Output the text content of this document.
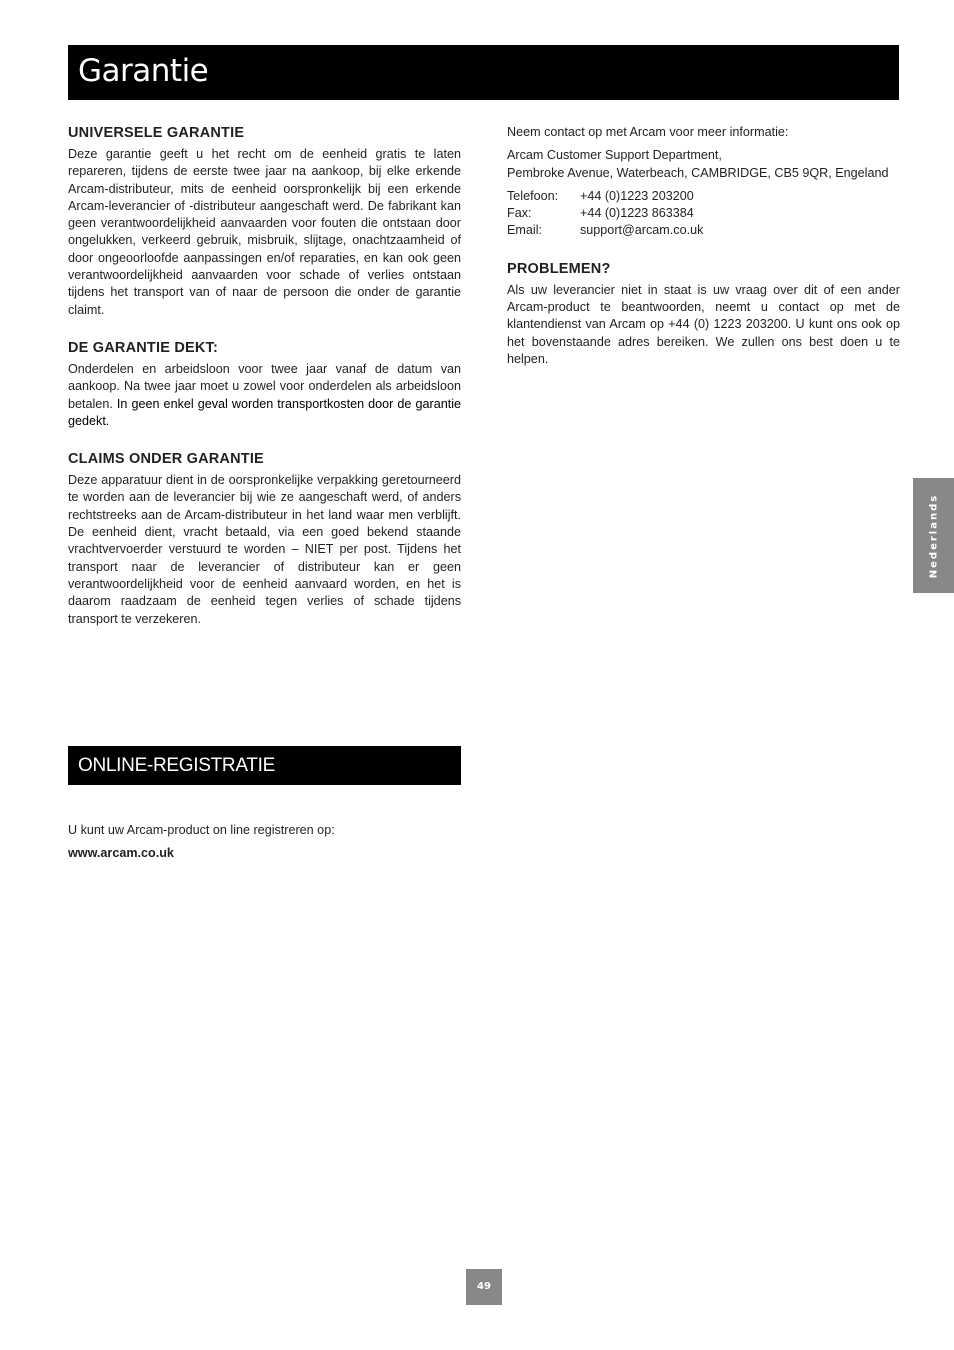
Garantie
UNIVERSELE GARANTIE

Deze garantie geeft u het recht om de eenheid gratis te laten repareren, tijdens de eerste twee jaar na aankoop, bij elke erkende Arcam-distributeur, mits de eenheid oorspronkelijk bij een erkende Arcam-leverancier of -distributeur aangeschaft werd. De fabrikant kan geen verantwoordelijkheid aanvaarden voor fouten die ontstaan door ongelukken, verkeerd gebruik, misbruik, slijtage, onachtzaamheid of door ongeoorloofde aanpassingen en/of reparaties, en kan ook geen verantwoordelijkheid aanvaarden voor schade of verlies ontstaan tijdens het transport van of naar de persoon die onder de garantie claimt.

DE GARANTIE DEKT:

Onderdelen en arbeidsloon voor twee jaar vanaf de datum van aankoop. Na twee jaar moet u zowel voor onderdelen als arbeidsloon betalen. In geen enkel geval worden transportkosten door de garantie gedekt.

CLAIMS ONDER GARANTIE

Deze apparatuur dient in de oorspronkelijke verpakking geretourneerd te worden aan de leverancier bij wie ze aangeschaft werd, of anders rechtstreeks aan de Arcam-distributeur in het land waar men verblijft. De eenheid dient, vracht betaald, via een goed bekend staande vrachtvervoerder verstuurd te worden – NIET per post. Tijdens het transport naar de leverancier of distributeur kan er geen verantwoordelijkheid voor de eenheid aanvaard worden, en het is daarom raadzaam de eenheid tegen verlies of schade tijdens transport te verzekeren.

Neem contact op met Arcam voor meer informatie:

Arcam Customer Support Department,
Pembroke Avenue, Waterbeach, CAMBRIDGE, CB5 9QR, Engeland

Telefoon:	+44 (0)1223 203200
Fax:	+44 (0)1223 863384
Email:	support@arcam.co.uk
PROBLEMEN?

Als uw leverancier niet in staat is uw vraag over dit of een ander Arcam-product te beantwoorden, neemt u contact op met de klantendienst van Arcam op +44 (0) 1223 203200. U kunt ons ook op het bovenstaande adres bereiken. We zullen ons best doen u te helpen.

ONLINE-REGISTRATIE

U kunt uw Arcam-product on line registreren op:

www.arcam.co.uk
Nederlands
49
